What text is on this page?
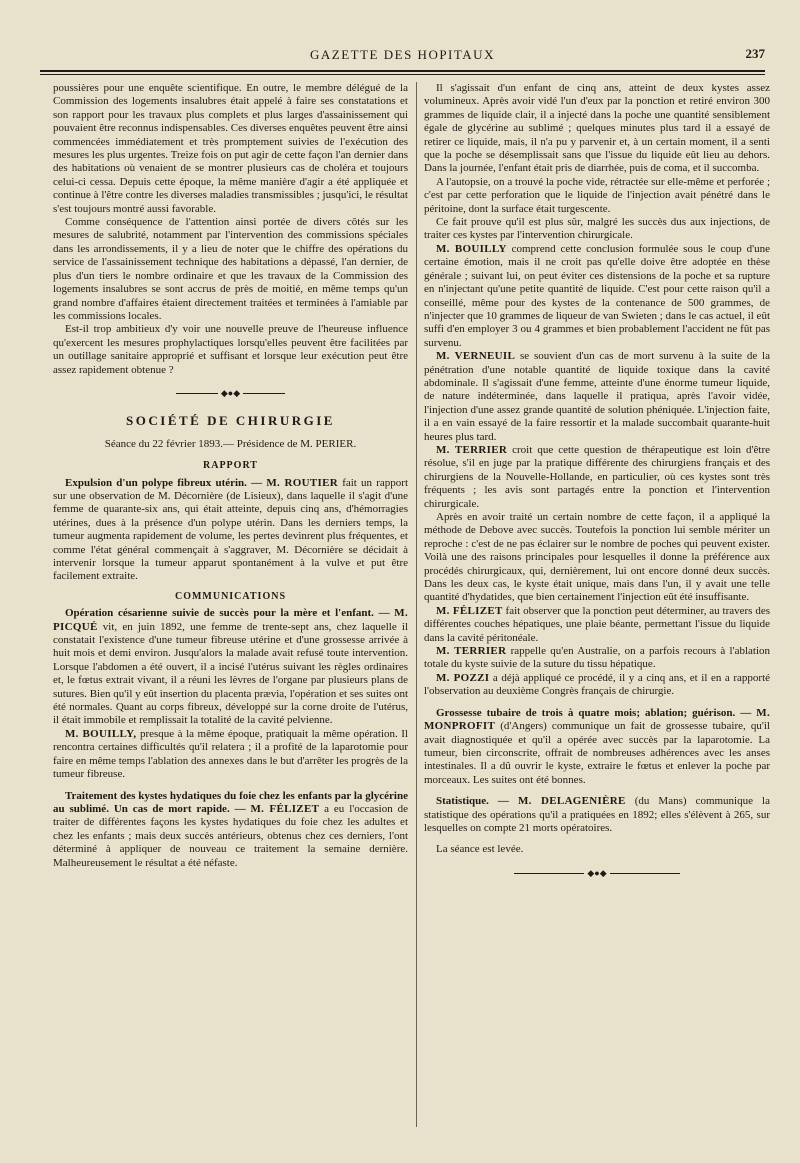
GAZETTE DES HOPITAUX	237

poussières pour une enquête scientifique. En outre, le membre délégué de la Commission des logements insalubres était appelé à faire ses constatations et son rapport pour les travaux plus complets et plus larges d'assainissement qui pouvaient être reconnus indispensables. Ces diverses enquêtes peuvent être ainsi commencées immédiatement et très promptement suivies de l'exécution des mesures les plus urgentes. Treize fois on put agir de cette façon l'an dernier dans des habitations où venaient de se montrer plusieurs cas de choléra et toujours celui-ci cessa. Depuis cette époque, la même manière d'agir a été appliquée et continue à l'être contre les diverses maladies transmissibles ; jusqu'ici, le résultat s'est toujours montré aussi favorable.

Comme conséquence de l'attention ainsi portée de divers côtés sur les mesures de salubrité, notamment par l'intervention des commissions spéciales dans les arrondissements, il y a lieu de noter que le chiffre des opérations du service de l'assainissement technique des habitations a dépassé, l'an dernier, de plus d'un tiers le nombre ordinaire et que les travaux de la Commission des logements insalubres se sont accrus de près de moitié, en même temps qu'un grand nombre d'affaires étaient directement traitées et terminées à l'amiable par les commissions locales.

Est-il trop ambitieux d'y voir une nouvelle preuve de l'heureuse influence qu'exercent les mesures prophylactiques lorsqu'elles peuvent être facilitées par un outillage sanitaire approprié et suffisant et lorsque leur exécution peut être assez rapidement obtenue ?

◆●◆
SOCIÉTÉ DE CHIRURGIE
Séance du 22 février 1893.— Présidence de M. PERIER.
RAPPORT

Expulsion d'un polype fibreux utérin. — M. ROUTIER fait un rapport sur une observation de M. Décornière (de Lisieux), dans laquelle il s'agit d'une femme de quarante-six ans, qui était atteinte, depuis cinq ans, d'hémorragies utérines, dues à la présence d'un polype utérin. Dans les derniers temps, la tumeur augmenta rapidement de volume, les pertes devinrent plus fréquentes, et comme l'état général commençait à s'aggraver, M. Décornière se décidait à intervenir lorsque la tumeur apparut spontanément à la vulve et put être facilement extraite.

COMMUNICATIONS

Opération césarienne suivie de succès pour la mère et l'enfant. — M. PICQUÉ vit, en juin 1892, une femme de trente-sept ans, chez laquelle il constatait l'existence d'une tumeur fibreuse utérine et d'une grossesse arrivée à huit mois et demi environ. Jusqu'alors la malade avait refusé toute intervention. Lorsque l'abdomen a été ouvert, il a incisé l'utérus suivant les règles ordinaires et, le fœtus extrait vivant, il a réuni les lèvres de l'organe par plusieurs plans de sutures. Bien qu'il y eût insertion du placenta prævia, l'opération et ses suites ont été normales. Quant au corps fibreux, développé sur la corne droite de l'utérus, il était immobile et remplissait la totalité de la cavité pelvienne.

M. BOUILLY, presque à la même époque, pratiquait la même opération. Il rencontra certaines difficultés qu'il relatera ; il a profité de la laparotomie pour faire en même temps l'ablation des annexes dans le but d'arrêter les progrès de la tumeur fibreuse.

Traitement des kystes hydatiques du foie chez les enfants par la glycérine au sublimé. Un cas de mort rapide. — M. FÉLIZET a eu l'occasion de traiter de différentes façons les kystes hydatiques du foie chez les adultes et chez les enfants ; mais deux succès antérieurs, obtenus chez ces derniers, l'ont déterminé à appliquer de nouveau ce traitement la semaine dernière. Malheureusement le résultat a été néfaste.

Il s'agissait d'un enfant de cinq ans, atteint de deux kystes assez volumineux. Après avoir vidé l'un d'eux par la ponction et retiré environ 300 grammes de liquide clair, il a injecté dans la poche une quantité sensiblement égale de glycérine au sublimé ; quelques minutes plus tard il a essayé de retirer ce liquide, mais, il n'a pu y parvenir et, à un certain moment, il a senti que la poche se désemplissait sans que l'issue du liquide eût lieu au dehors. Dans la journée, l'enfant était pris de diarrhée, puis de coma, et il succomba.

A l'autopsie, on a trouvé la poche vide, rétractée sur elle-même et perforée ; c'est par cette perforation que le liquide de l'injection avait pénétré dans le péritoine, dont la surface était turgescente.

Ce fait prouve qu'il est plus sûr, malgré les succès dus aux injections, de traiter ces kystes par l'intervention chirurgicale.

M. BOUILLY comprend cette conclusion formulée sous le coup d'une certaine émotion, mais il ne croit pas qu'elle doive être adoptée en thèse générale ; suivant lui, on peut éviter ces distensions de la poche et sa rupture en n'injectant qu'une petite quantité de liquide. C'est pour cette raison qu'il a conseillé, même pour des kystes de la contenance de 500 grammes, de n'injecter que 10 grammes de liqueur de van Swieten ; dans le cas actuel, il eût suffi d'en employer 3 ou 4 grammes et bien probablement l'accident ne fût pas survenu.

M. VERNEUIL se souvient d'un cas de mort survenu à la suite de la pénétration d'une notable quantité de liquide toxique dans la cavité abdominale. Il s'agissait d'une femme, atteinte d'une énorme tumeur liquide, de nature indéterminée, dans laquelle il pratiqua, après l'avoir vidée, l'injection d'une assez grande quantité de solution phéniquée. L'injection faite, il a en vain essayé de la faire ressortir et la malade succombait quarante-huit heures plus tard.

M. TERRIER croit que cette question de thérapeutique est loin d'être résolue, s'il en juge par la pratique différente des chirurgiens français et des chirurgiens de la Nouvelle-Hollande, en particulier, où ces kystes sont très fréquents ; les avis sont partagés entre la ponction et l'intervention chirurgicale.

Après en avoir traité un certain nombre de cette façon, il a appliqué la méthode de Debove avec succès. Toutefois la ponction lui semble mériter un reproche : c'est de ne pas éclairer sur le nombre de poches qui peuvent exister. Voilà une des raisons principales pour lesquelles il donne la préférence aux procédés chirurgicaux, qui, dernièrement, lui ont encore donné deux succès. Dans les deux cas, le kyste était unique, mais dans l'un, il y avait une telle quantité d'hydatides, que bien certainement l'injection eût été insuffisante.

M. FÉLIZET fait observer que la ponction peut déterminer, au travers des différentes couches hépatiques, une plaie béante, permettant l'issue du liquide dans la cavité péritonéale.

M. TERRIER rappelle qu'en Australie, on a parfois recours à l'ablation totale du kyste suivie de la suture du tissu hépatique.

M. POZZI a déjà appliqué ce procédé, il y a cinq ans, et il en a rapporté l'observation au deuxième Congrès français de chirurgie.

Grossesse tubaire de trois à quatre mois; ablation; guérison. — M. MONPROFIT (d'Angers) communique un fait de grossesse tubaire, qu'il avait diagnostiquée et qu'il a opérée avec succès par la laparotomie. La tumeur, bien circonscrite, offrait de nombreuses adhérences avec les anses intestinales. Il a dû ouvrir le kyste, extraire le fœtus et enlever la poche par morceaux. Les suites ont été bonnes.

Statistique. — M. DELAGENIÈRE (du Mans) communique la statistique des opérations qu'il a pratiquées en 1892; elles s'élèvent à 265, sur lesquelles on compte 21 morts opératoires.

La séance est levée.

◆●◆
